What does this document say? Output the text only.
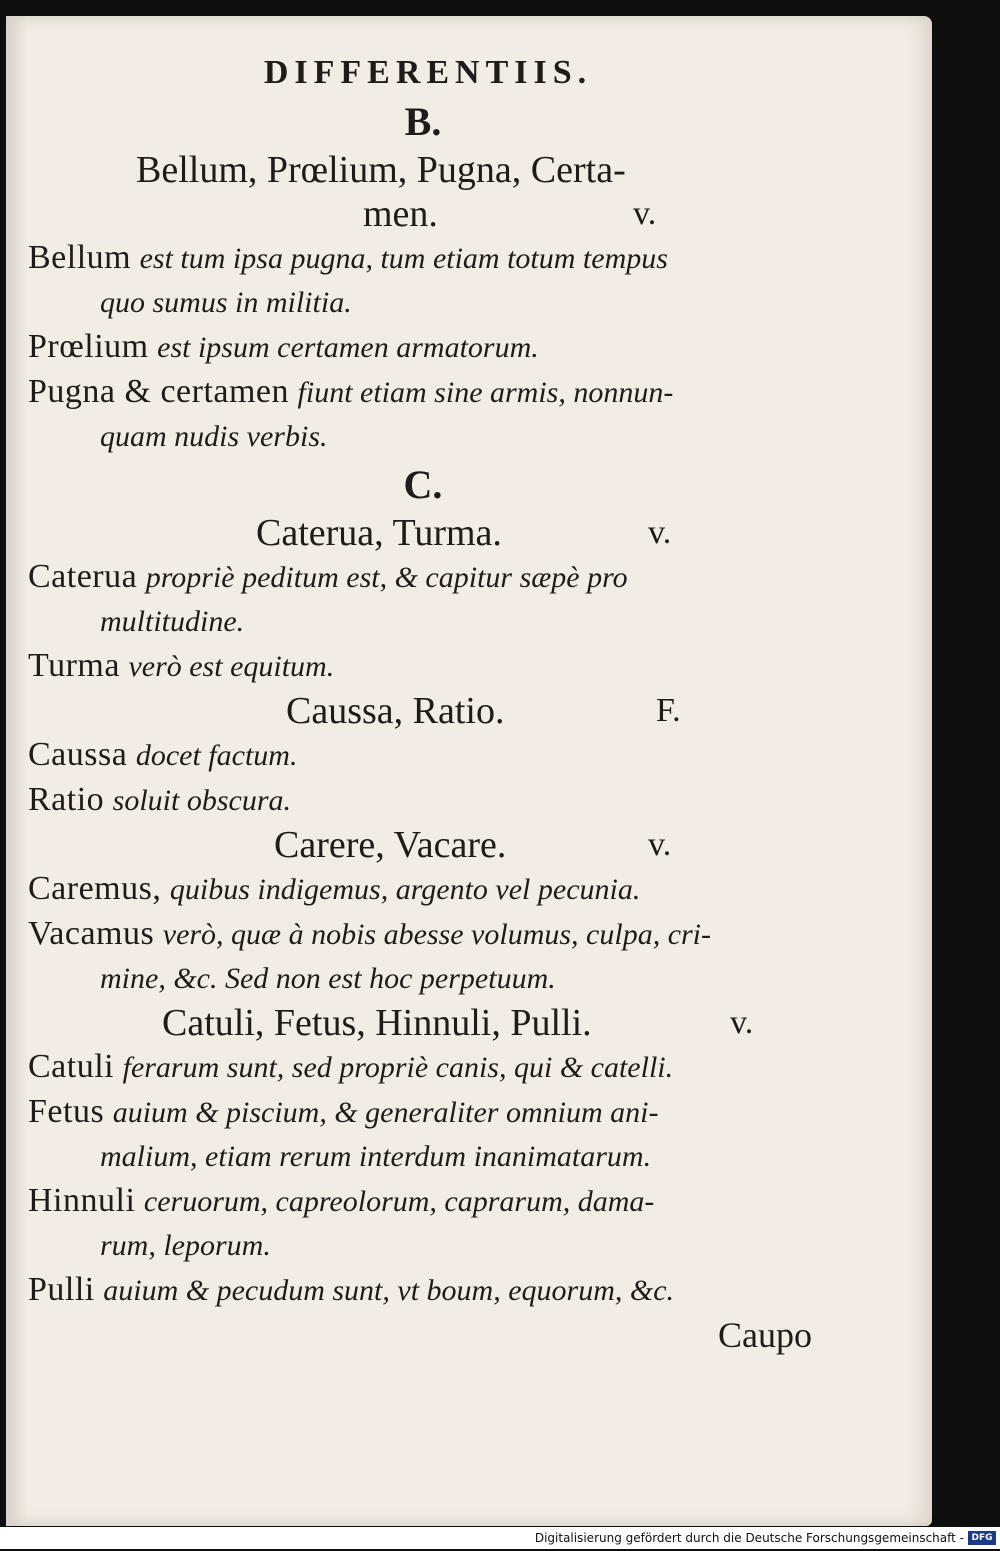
DIFFERENTIIS.
B.
Bellum, Prœlium, Pugna, Certa-
men.	v.
Bellum est tum ipsa pugna, tum etiam totum tempus
quo sumus in militia.
Prœlium est ipsum certamen armatorum.
Pugna & certamen fiunt etiam sine armis, nonnun-
quam nudis verbis.
C.
Caterua, Turma.	v.
Caterua propriè peditum est, & capitur sæpè pro
multitudine.
Turma verò est equitum.
Caussa, Ratio.	F.
Caussa docet factum.
Ratio soluit obscura.
Carere, Vacare.	v.
Caremus, quibus indigemus, argento vel pecunia.
Vacamus verò, quæ à nobis abesse volumus, culpa, cri-
mine, &c. Sed non est hoc perpetuum.
Catuli, Fetus, Hinnuli, Pulli.	v.
Catuli ferarum sunt, sed propriè canis, qui & catelli.
Fetus auium & piscium, & generaliter omnium ani-
malium, etiam rerum interdum inanimatarum.
Hinnuli ceruorum, capreolorum, caprarum, dama-
rum, leporum.
Pulli auium & pecudum sunt, vt boum, equorum, &c.
Caupo
Digitalisierung gefördert durch die Deutsche Forschungsgemeinschaft - DFG
